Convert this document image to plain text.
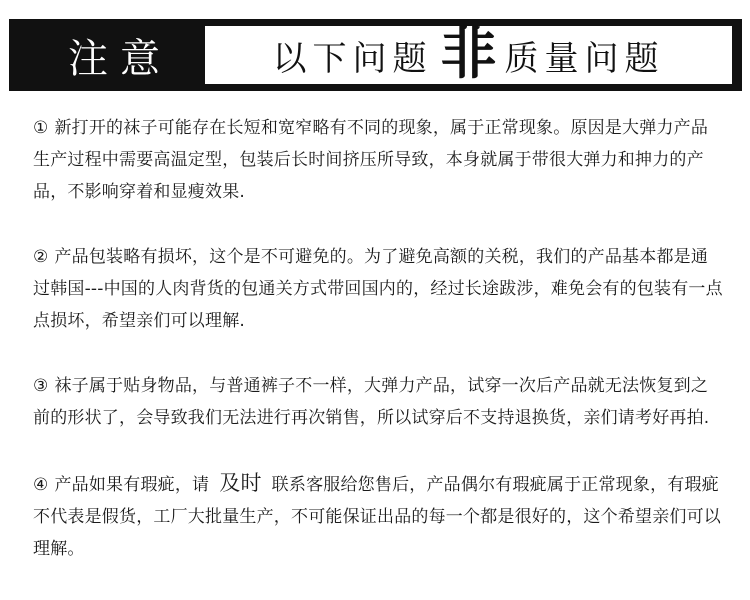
注意	以下问题 非 质量问题

① 新打开的袜子可能存在长短和宽窄略有不同的现象，属于正常现象。原因是大弹力产品生产过程中需要高温定型，包装后长时间挤压所导致，本身就属于带很大弹力和抻力的产品，不影响穿着和显瘦效果.

② 产品包装略有损坏，这个是不可避免的。为了避免高额的关税，我们的产品基本都是通过韩国---中国的人肉背货的包通关方式带回国内的，经过长途跋涉，难免会有的包装有一点点损坏，希望亲们可以理解.

③ 袜子属于贴身物品，与普通裤子不一样，大弹力产品，试穿一次后产品就无法恢复到之前的形状了，会导致我们无法进行再次销售，所以试穿后不支持退换货，亲们请考好再拍.

④ 产品如果有瑕疵，请 及时 联系客服给您售后，产品偶尔有瑕疵属于正常现象，有瑕疵不代表是假货，工厂大批量生产，不可能保证出品的每一个都是很好的，这个希望亲们可以理解。
